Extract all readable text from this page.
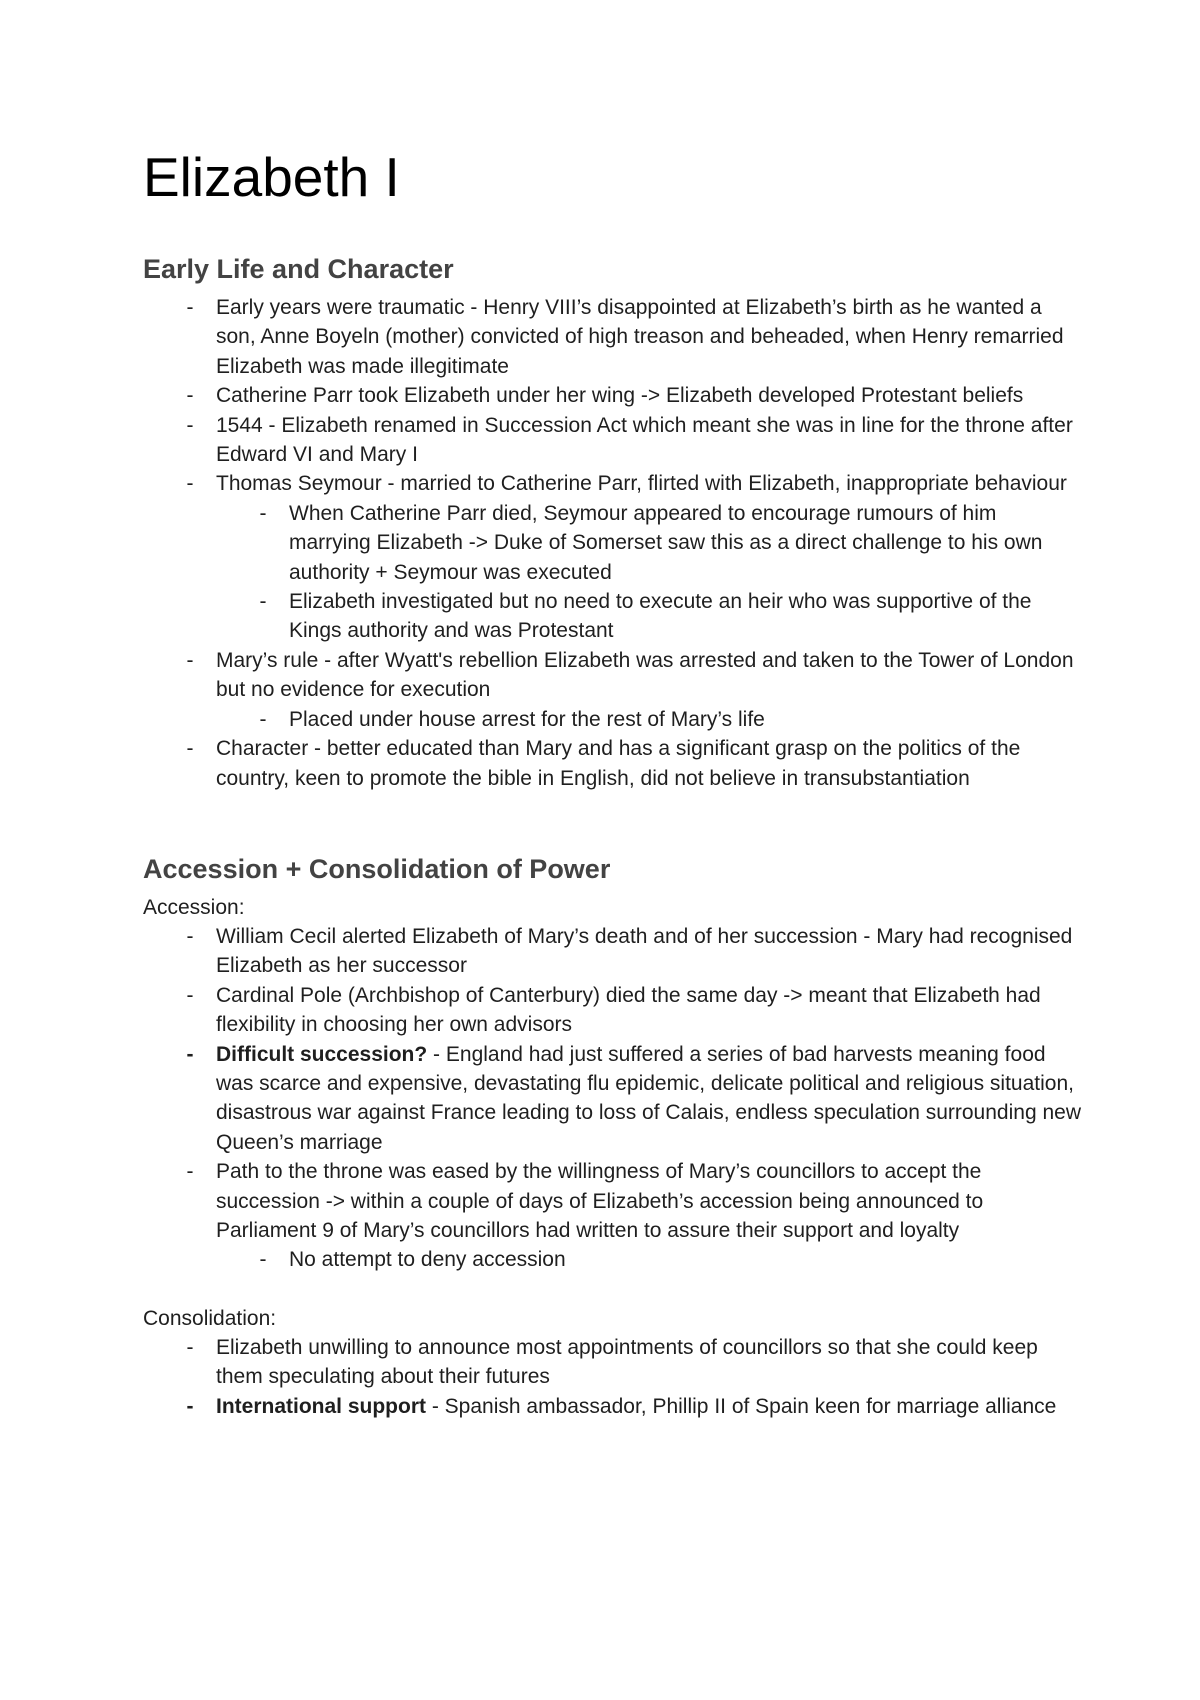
Elizabeth I
Early Life and Character
-	Early years were traumatic - Henry VIII’s disappointed at Elizabeth’s birth as he wanted a son, Anne Boyeln (mother) convicted of high treason and beheaded, when Henry remarried Elizabeth was made illegitimate
-	Catherine Parr took Elizabeth under her wing -> Elizabeth developed Protestant beliefs
-	1544 - Elizabeth renamed in Succession Act which meant she was in line for the throne after Edward VI and Mary I
-	Thomas Seymour - married to Catherine Parr, flirted with Elizabeth, inappropriate behaviour
-	When Catherine Parr died, Seymour appeared to encourage rumours of him marrying Elizabeth -> Duke of Somerset saw this as a direct challenge to his own authority + Seymour was executed
-	Elizabeth investigated but no need to execute an heir who was supportive of the Kings authority and was Protestant
-	Mary’s rule - after Wyatt's rebellion Elizabeth was arrested and taken to the Tower of London but no evidence for execution
-	Placed under house arrest for the rest of Mary’s life
-	Character - better educated than Mary and has a significant grasp on the politics of the country, keen to promote the bible in English, did not believe in transubstantiation
Accession + Consolidation of Power

Accession:

-	William Cecil alerted Elizabeth of Mary’s death and of her succession - Mary had recognised Elizabeth as her successor
-	Cardinal Pole (Archbishop of Canterbury) died the same day -> meant that Elizabeth had flexibility in choosing her own advisors
-	Difficult succession? - England had just suffered a series of bad harvests meaning food was scarce and expensive, devastating flu epidemic, delicate political and religious situation, disastrous war against France leading to loss of Calais, endless speculation surrounding new Queen’s marriage
-	Path to the throne was eased by the willingness of Mary’s councillors to accept the succession -> within a couple of days of Elizabeth’s accession being announced to Parliament 9 of Mary’s councillors had written to assure their support and loyalty
-	No attempt to deny accession

Consolidation:

-	Elizabeth unwilling to announce most appointments of councillors so that she could keep them speculating about their futures
-	International support - Spanish ambassador, Phillip II of Spain keen for marriage alliance
